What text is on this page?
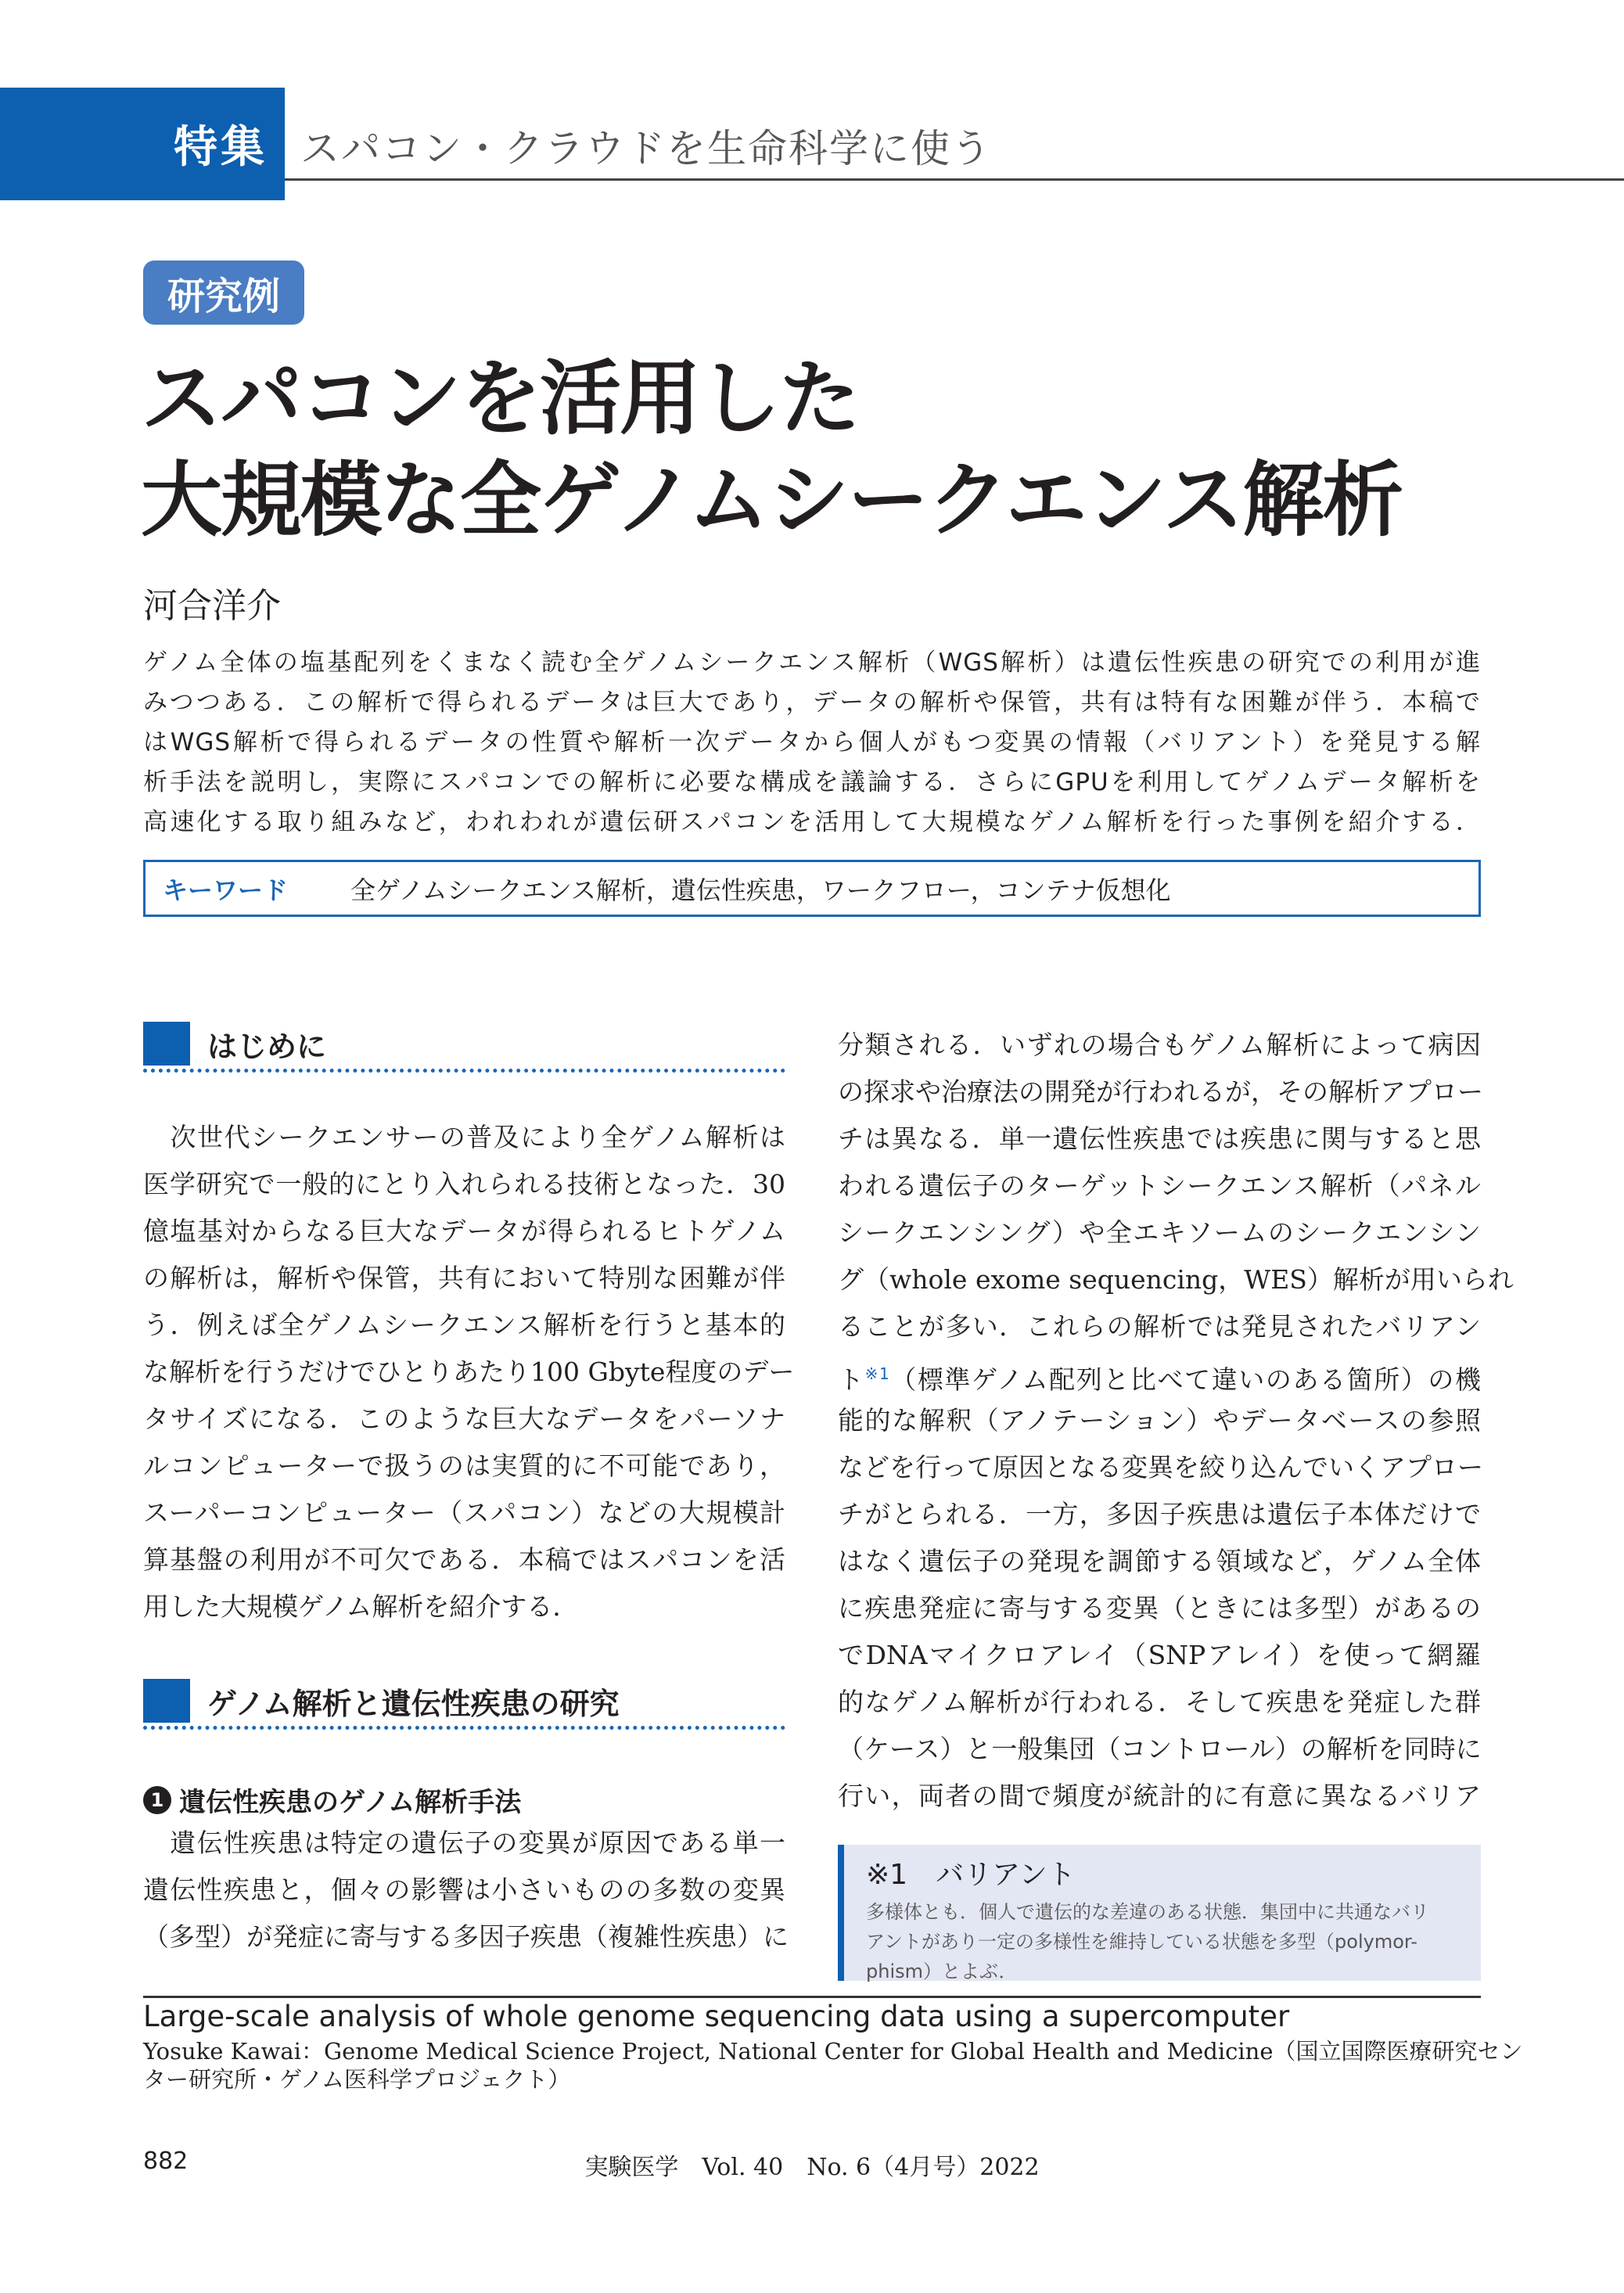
特集 スパコン・クラウドを生命科学に使う
研究例
スパコンを活用した
大規模な全ゲノムシークエンス解析
河合洋介
ゲノム全体の塩基配列をくまなく読む全ゲノムシークエンス解析（WGS解析）は遺伝性疾患の研究での利用が進
みつつある．この解析で得られるデータは巨大であり，データの解析や保管，共有は特有な困難が伴う．本稿で
はWGS解析で得られるデータの性質や解析一次データから個人がもつ変異の情報（バリアント）を発見する解
析手法を説明し，実際にスパコンでの解析に必要な構成を議論する．さらにGPUを利用してゲノムデータ解析を
高速化する取り組みなど，われわれが遺伝研スパコンを活用して大規模なゲノム解析を行った事例を紹介する．
キーワード	全ゲノムシークエンス解析，遺伝性疾患，ワークフロー，コンテナ仮想化
はじめに
　次世代シークエンサーの普及により全ゲノム解析は
医学研究で一般的にとり入れられる技術となった．30
億塩基対からなる巨大なデータが得られるヒトゲノム
の解析は，解析や保管，共有において特別な困難が伴
う．例えば全ゲノムシークエンス解析を行うと基本的
な解析を行うだけでひとりあたり100 Gbyte程度のデー
タサイズになる．このような巨大なデータをパーソナ
ルコンピューターで扱うのは実質的に不可能であり，
スーパーコンピューター（スパコン）などの大規模計
算基盤の利用が不可欠である．本稿ではスパコンを活
用した大規模ゲノム解析を紹介する．
ゲノム解析と遺伝性疾患の研究
1 遺伝性疾患のゲノム解析手法
　遺伝性疾患は特定の遺伝子の変異が原因である単一
遺伝性疾患と，個々の影響は小さいものの多数の変異
（多型）が発症に寄与する多因子疾患（複雑性疾患）に
分類される．いずれの場合もゲノム解析によって病因
の探求や治療法の開発が行われるが，その解析アプロー
チは異なる．単一遺伝性疾患では疾患に関与すると思
われる遺伝子のターゲットシークエンス解析（パネル
シークエンシング）や全エキソームのシークエンシン
グ（whole exome sequencing，WES）解析が用いられ
ることが多い．これらの解析では発見されたバリアン
ト$^{※1}$（標準ゲノム配列と比べて違いのある箇所）の機
能的な解釈（アノテーション）やデータベースの参照
などを行って原因となる変異を絞り込んでいくアプロー
チがとられる．一方，多因子疾患は遺伝子本体だけで
はなく遺伝子の発現を調節する領域など，ゲノム全体
に疾患発症に寄与する変異（ときには多型）があるの
でDNAマイクロアレイ（SNPアレイ）を使って網羅
的なゲノム解析が行われる．そして疾患を発症した群
（ケース）と一般集団（コントロール）の解析を同時に
行い，両者の間で頻度が統計的に有意に異なるバリア
※1　バリアント
多様体とも．個人で遺伝的な差違のある状態．集団中に共通なバリ
アントがあり一定の多様性を維持している状態を多型（polymor-
phism）とよぶ．
Large-scale analysis of whole genome sequencing data using a supercomputer
Yosuke Kawai：Genome Medical Science Project, National Center for Global Health and Medicine（国立国際医療研究セン
ター研究所・ゲノム医科学プロジェクト）
882	実験医学　Vol. 40　No. 6（4月号）2022
